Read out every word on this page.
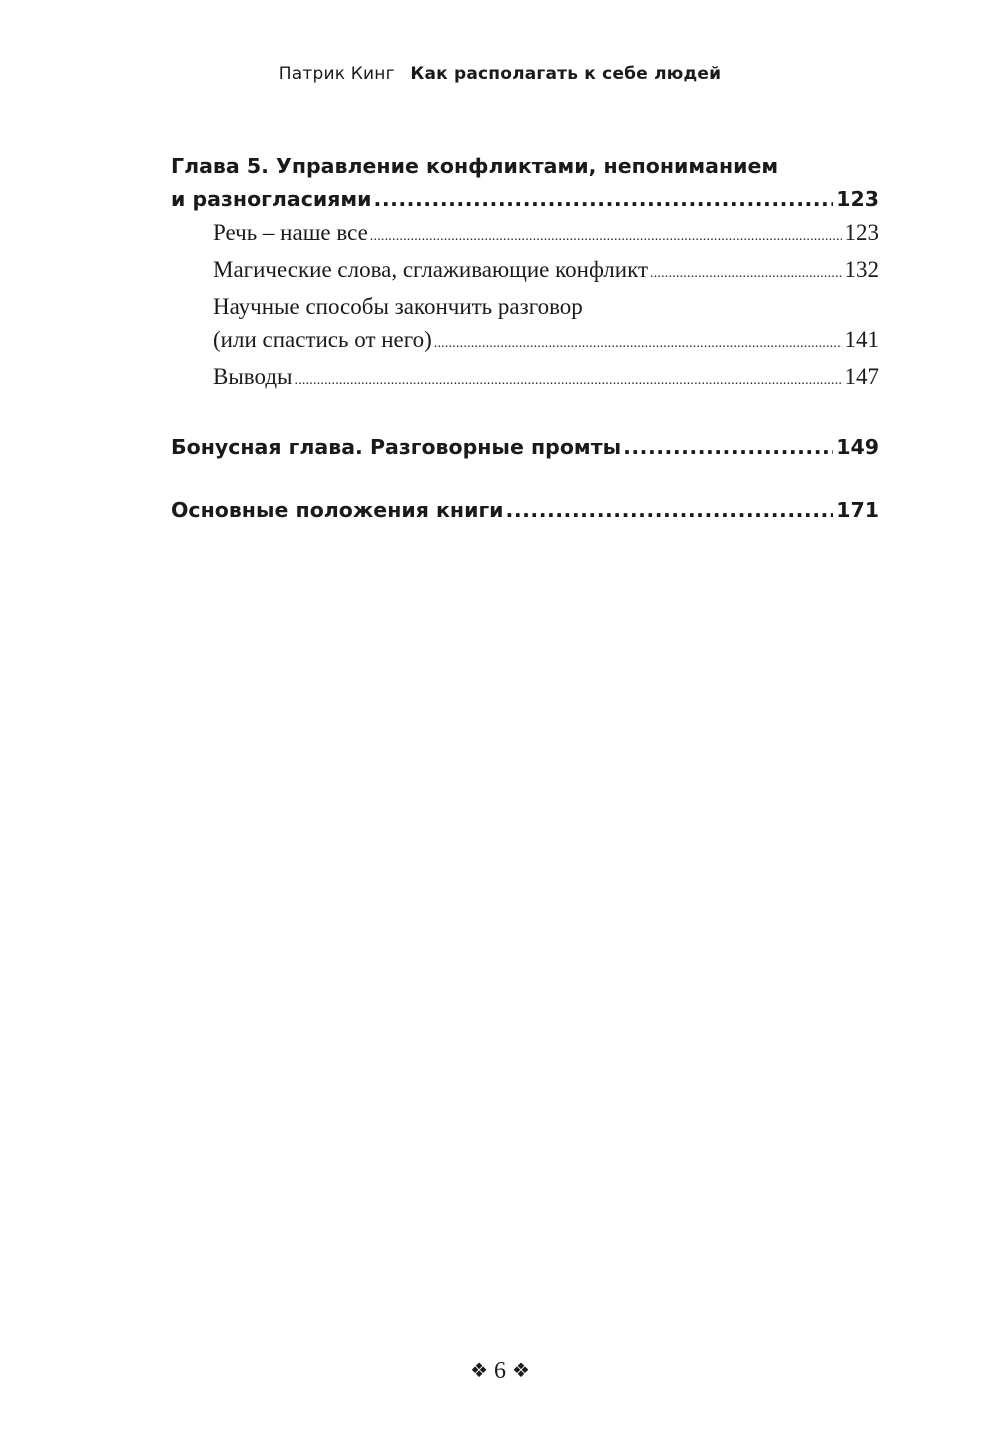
Патрик Кинг Как располагать к себе людей
Глава 5. Управление конфликтами, непониманием
и разногласиями .....	123
Речь – наше все .....	123
Магические слова, сглаживающие конфликт .....	132
Научные способы закончить разговор
(или спастись от него) .....	141
Выводы .....	147
Бонусная глава. Разговорные промты .....	149
Основные положения книги .....	171
❖ 6 ❖
